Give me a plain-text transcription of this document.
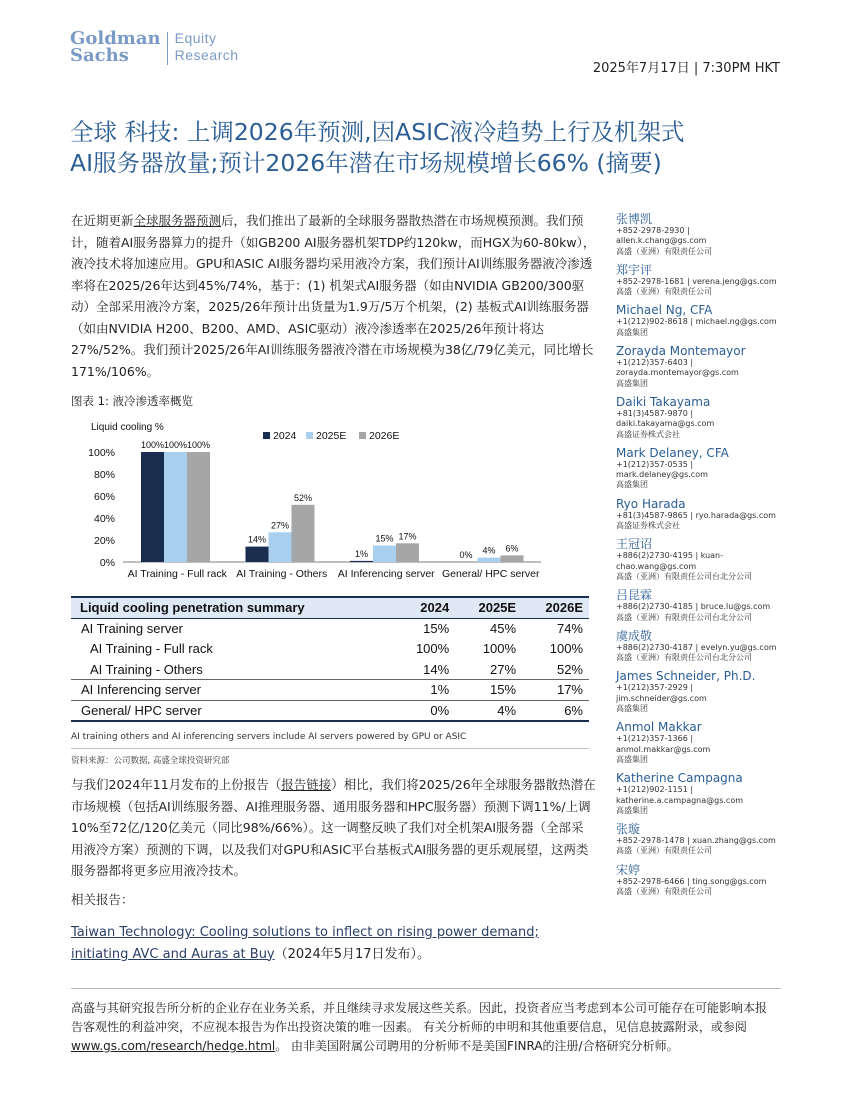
Goldman
Sachs
Equity
Research
2025年7月17日 | 7:30PM HKT
全球 科技: 上调2026年预测,因ASIC液冷趋势上行及机架式
AI服务器放量;预计2026年潜在市场规模增长66% (摘要)
在近期更新全球服务器预测后，我们推出了最新的全球服务器散热潜在市场规模预测。我们预计，随着AI服务器算力的提升（如GB200 AI服务器机架TDP约120kw，而HGX为60-80kw），液冷技术将加速应用。GPU和ASIC AI服务器均采用液冷方案，我们预计AI训练服务器液冷渗透率将在2025/26年达到45%/74%，基于：(1) 机架式AI服务器（如由NVIDIA GB200/300驱动）全部采用液冷方案，2025/26年预计出货量为1.9万/5万个机架，(2) 基板式AI训练服务器（如由NVIDIA H200、B200、AMD、ASIC驱动）液冷渗透率在2025/26年预计将达27%/52%。我们预计2025/26年AI训练服务器液冷潜在市场规模为38亿/79亿美元，同比增长171%/106%。
图表 1: 液冷渗透率概览
Liquid cooling %
0%
20%
40%
60%
80%
100%
2024 2025E 2026E
100% 100% 100%
AI Training - Full rack
14%
27%
52%
AI Training - Others
1%
15% 17%
AI Inferencing server
0% 4% 6%
General/ HPC server
Liquid cooling penetration summary	2024	2025E	2026E
AI Training server	15%	45%	74%
AI Training - Full rack	100%	100%	100%
AI Training - Others	14%	27%	52%
AI Inferencing server	1%	15%	17%
General/ HPC server	0%	4%	6%
AI training others and AI inferencing servers include AI servers powered by GPU or ASIC
资料来源：公司数据, 高盛全球投资研究部
与我们2024年11月发布的上份报告（报告链接）相比，我们将2025/26年全球服务器散热潜在市场规模（包括AI训练服务器、AI推理服务器、通用服务器和HPC服务器）预测下调11%/上调10%至72亿/120亿美元（同比98%/66%）。这一调整反映了我们对全机架AI服务器（全部采用液冷方案）预测的下调，以及我们对GPU和ASIC平台基板式AI服务器的更乐观展望，这两类服务器都将更多应用液冷技术。
相关报告：
Taiwan Technology: Cooling solutions to inflect on rising power demand; initiating AVC and Auras at Buy（2024年5月17日发布）。
张博凯
+852-2978-2930 |
allen.k.chang@gs.com
高盛（亚洲）有限责任公司
郑宇评
+852-2978-1681 | verena.jeng@gs.com
高盛（亚洲）有限责任公司
Michael Ng, CFA
+1(212)902-8618 | michael.ng@gs.com
高盛集团
Zorayda Montemayor
+1(212)357-6403 |
zorayda.montemayor@gs.com
高盛集团
Daiki Takayama
+81(3)4587-9870 |
daiki.takayama@gs.com
高盛证券株式会社
Mark Delaney, CFA
+1(212)357-0535 |
mark.delaney@gs.com
高盛集团
Ryo Harada
+81(3)4587-9865 | ryo.harada@gs.com
高盛证券株式会社
王冠诏
+886(2)2730-4195 | kuan-
chao.wang@gs.com
高盛（亚洲）有限责任公司台北分公司
吕昆霖
+886(2)2730-4185 | bruce.lu@gs.com
高盛（亚洲）有限责任公司台北分公司
虞成敬
+886(2)2730-4187 | evelyn.yu@gs.com
高盛（亚洲）有限责任公司台北分公司
James Schneider, Ph.D.
+1(212)357-2929 |
jim.schneider@gs.com
高盛集团
Anmol Makkar
+1(212)357-1366 |
anmol.makkar@gs.com
高盛集团
Katherine Campagna
+1(212)902-1151 |
katherine.a.campagna@gs.com
高盛集团
张璇
+852-2978-1478 | xuan.zhang@gs.com
高盛（亚洲）有限责任公司
宋婷
+852-2978-6466 | ting.song@gs.com
高盛（亚洲）有限责任公司
高盛与其研究报告所分析的企业存在业务关系，并且继续寻求发展这些关系。因此，投资者应当考虑到本公司可能存在可能影响本报告客观性的利益冲突，不应视本报告为作出投资决策的唯一因素。 有关分析师的申明和其他重要信息，见信息披露附录，或参阅www.gs.com/research/hedge.html。 由非美国附属公司聘用的分析师不是美国FINRA的注册/合格研究分析师。
